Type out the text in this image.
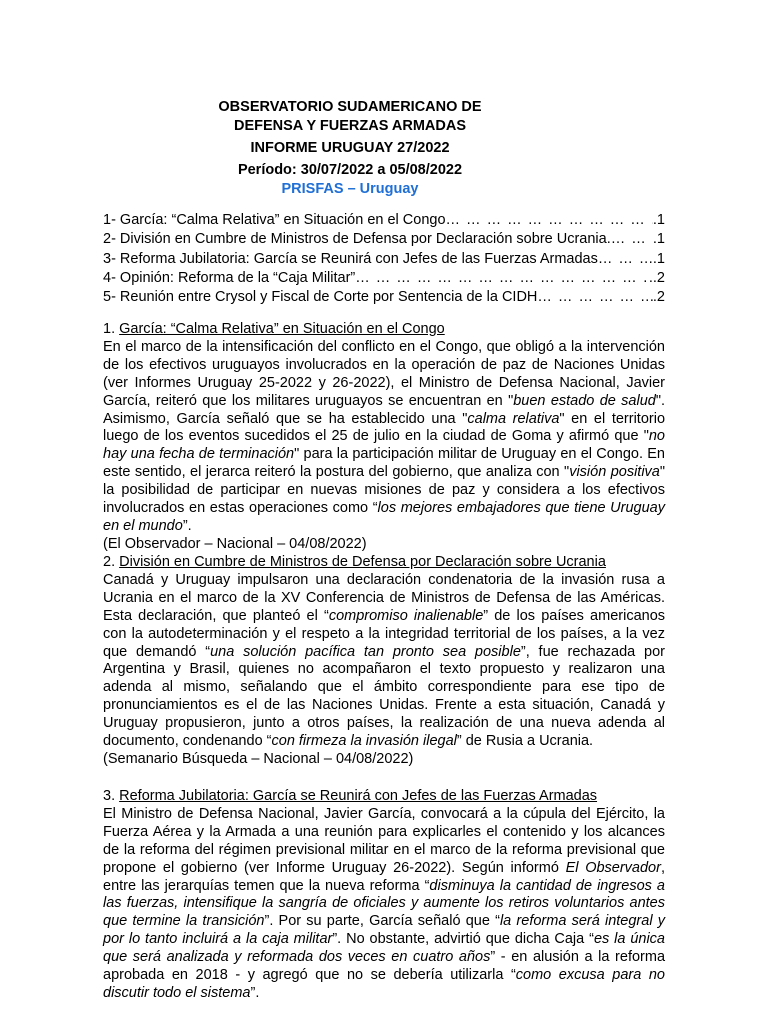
OBSERVATORIO SUDAMERICANO DE
DEFENSA Y FUERZAS ARMADAS
INFORME URUGUAY 27/2022
Período: 30/07/2022 a 05/08/2022
PRISFAS – Uruguay
1- García: “Calma Relativa” en Situación en el Congo … … … … … … … … … … … … … … … … … … … … … … … … … … … … … … … … … … … … … … … … … … … … … …	.1
2- División en Cumbre de Ministros de Defensa por Declaración sobre Ucrania. … … … … … … … … … … … … … … … … … … … … … … … … … … … … … … … … … … … … … … … … … … … … … …	.1
3- Reforma Jubilatoria: García se Reunirá con Jefes de las Fuerzas Armadas … … … … … … … … … … … … … … … … … … … … … … … … … … … … … … … … … … … … … … … … … … … … … …	.1
4- Opinión: Reforma de la “Caja Militar” … … … … … … … … … … … … … … … … … … … … … … … … … … … … … … … … … … … … … … … … … … … … … …	..2
5- Reunión entre Crysol y Fiscal de Corte por Sentencia de la CIDH … … … … … … … … … … … … … … … … … … … … … … … … … … … … … … … … … … … … … … … … … … … … … …	.2
1. García: “Calma Relativa” en Situación en el Congo

En el marco de la intensificación del conflicto en el Congo, que obligó a la intervención de los efectivos uruguayos involucrados en la operación de paz de Naciones Unidas (ver Informes Uruguay 25-2022 y 26-2022), el Ministro de Defensa Nacional, Javier García, reiteró que los militares uruguayos se encuentran en "buen estado de salud". Asimismo, García señaló que se ha establecido una "calma relativa" en el territorio luego de los eventos sucedidos el 25 de julio en la ciudad de Goma y afirmó que "no hay una fecha de terminación" para la participación militar de Uruguay en el Congo. En este sentido, el jerarca reiteró la postura del gobierno, que analiza con "visión positiva" la posibilidad de participar en nuevas misiones de paz y considera a los efectivos involucrados en estas operaciones como “los mejores embajadores que tiene Uruguay en el mundo”.

(El Observador – Nacional – 04/08/2022)
2. División en Cumbre de Ministros de Defensa por Declaración sobre Ucrania

Canadá y Uruguay impulsaron una declaración condenatoria de la invasión rusa a Ucrania en el marco de la XV Conferencia de Ministros de Defensa de las Américas. Esta declaración, que planteó el “compromiso inalienable” de los países americanos con la autodeterminación y el respeto a la integridad territorial de los países, a la vez que demandó “una solución pacífica tan pronto sea posible”, fue rechazada por Argentina y Brasil, quienes no acompañaron el texto propuesto y realizaron una adenda al mismo, señalando que el ámbito correspondiente para ese tipo de pronunciamientos es el de las Naciones Unidas. Frente a esta situación, Canadá y Uruguay propusieron, junto a otros países, la realización de una nueva adenda al documento, condenando “con firmeza la invasión ilegal” de Rusia a Ucrania.

(Semanario Búsqueda – Nacional – 04/08/2022)
3. Reforma Jubilatoria: García se Reunirá con Jefes de las Fuerzas Armadas

El Ministro de Defensa Nacional, Javier García, convocará a la cúpula del Ejército, la Fuerza Aérea y la Armada a una reunión para explicarles el contenido y los alcances de la reforma del régimen previsional militar en el marco de la reforma previsional que propone el gobierno (ver Informe Uruguay 26-2022). Según informó El Observador, entre las jerarquías temen que la nueva reforma “disminuya la cantidad de ingresos a las fuerzas, intensifique la sangría de oficiales y aumente los retiros voluntarios antes que termine la transición”. Por su parte, García señaló que “la reforma será integral y por lo tanto incluirá a la caja militar”. No obstante, advirtió que dicha Caja “es la única que será analizada y reformada dos veces en cuatro años” - en alusión a la reforma aprobada en 2018 - y agregó que no se debería utilizarla “como excusa para no discutir todo el sistema”.
